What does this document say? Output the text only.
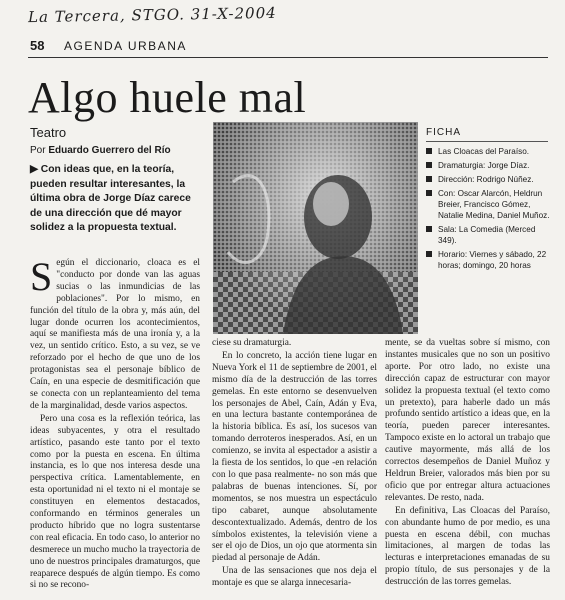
La Tercera, STGO. 31-X-2004
58 AGENDA URBANA

Algo huele mal
Teatro
Por Eduardo Guerrero del Río
▶ Con ideas que, en la teoría, pueden resultar interesantes, la última obra de Jorge Díaz carece de una dirección que dé mayor solidez a la propuesta textual.
FICHA
Las Cloacas del Paraíso.
Dramaturgia: Jorge Díaz.
Dirección: Rodrigo Núñez.
Con: Oscar Alarcón, Heldrun Breier, Francisco Gómez, Natalie Medina, Daniel Muñoz.
Sala: La Comedia (Merced 349).
Horario: Viernes y sábado, 22 horas; domingo, 20 horas

Según el diccionario, cloaca es el "conducto por donde van las aguas sucias o las inmundicias de las poblaciones". Por lo mismo, en función del título de la obra y, más aún, del lugar donde ocurren los acontecimientos, aquí se manifiesta más de una ironía y, a la vez, un sentido crítico. Esto, a su vez, se ve reforzado por el hecho de que uno de los protagonistas sea el personaje bíblico de Caín, en una especie de desmitificación que se conecta con un replanteamiento del tema de la marginalidad, desde varios aspectos.

Pero una cosa es la reflexión teórica, las ideas subyacentes, y otra el resultado artístico, pasando este tanto por el texto como por la puesta en escena. En última instancia, es lo que nos interesa desde una perspectiva crítica. Lamentablemente, en esta oportunidad ni el texto ni el montaje se constituyen en elementos destacados, conformando en términos generales un producto híbrido que no logra sustentarse con real eficacia. En todo caso, lo anterior no desmerece un mucho mucho la trayectoria de uno de nuestros principales dramaturgos, que reaparece después de algún tiempo. Es como si no se recono-

ciese su dramaturgia.

En lo concreto, la acción tiene lugar en Nueva York el 11 de septiembre de 2001, el mismo día de la destrucción de las torres gemelas. En este entorno se desenvuelven los personajes de Abel, Caín, Adán y Eva, en una lectura bastante contemporánea de la historia bíblica. Es así, los sucesos van tomando derroteros inesperados. Así, en un comienzo, se invita al espectador a asistir a la fiesta de los sentidos, lo que -en relación con lo que pasa realmente- no son más que palabras de buenas intenciones. Sí, por momentos, se nos muestra un espectáculo tipo cabaret, aunque absolutamente descontextualizado. Además, dentro de los símbolos existentes, la televisión viene a ser el ojo de Dios, un ojo que atormenta sin piedad al personaje de Adán.

Una de las sensaciones que nos deja el montaje es que se alarga innecesaria-

mente, se da vueltas sobre sí mismo, con instantes musicales que no son un positivo aporte. Por otro lado, no existe una dirección capaz de estructurar con mayor solidez la propuesta textual (el texto como un pretexto), para haberle dado un más profundo sentido artístico a ideas que, en la teoría, pueden parecer interesantes. Tampoco existe en lo actoral un trabajo que cautive mayormente, más allá de los correctos desempeños de Daniel Muñoz y Heldrun Breier, valorados más bien por su oficio que por entregar altura actuaciones relevantes. De resto, nada.

En definitiva, Las Cloacas del Paraíso, con abundante humo de por medio, es una puesta en escena débil, con muchas limitaciones, al margen de todas las lecturas e interpretaciones emanadas de su propio título, de sus personajes y de la destrucción de las torres gemelas.
